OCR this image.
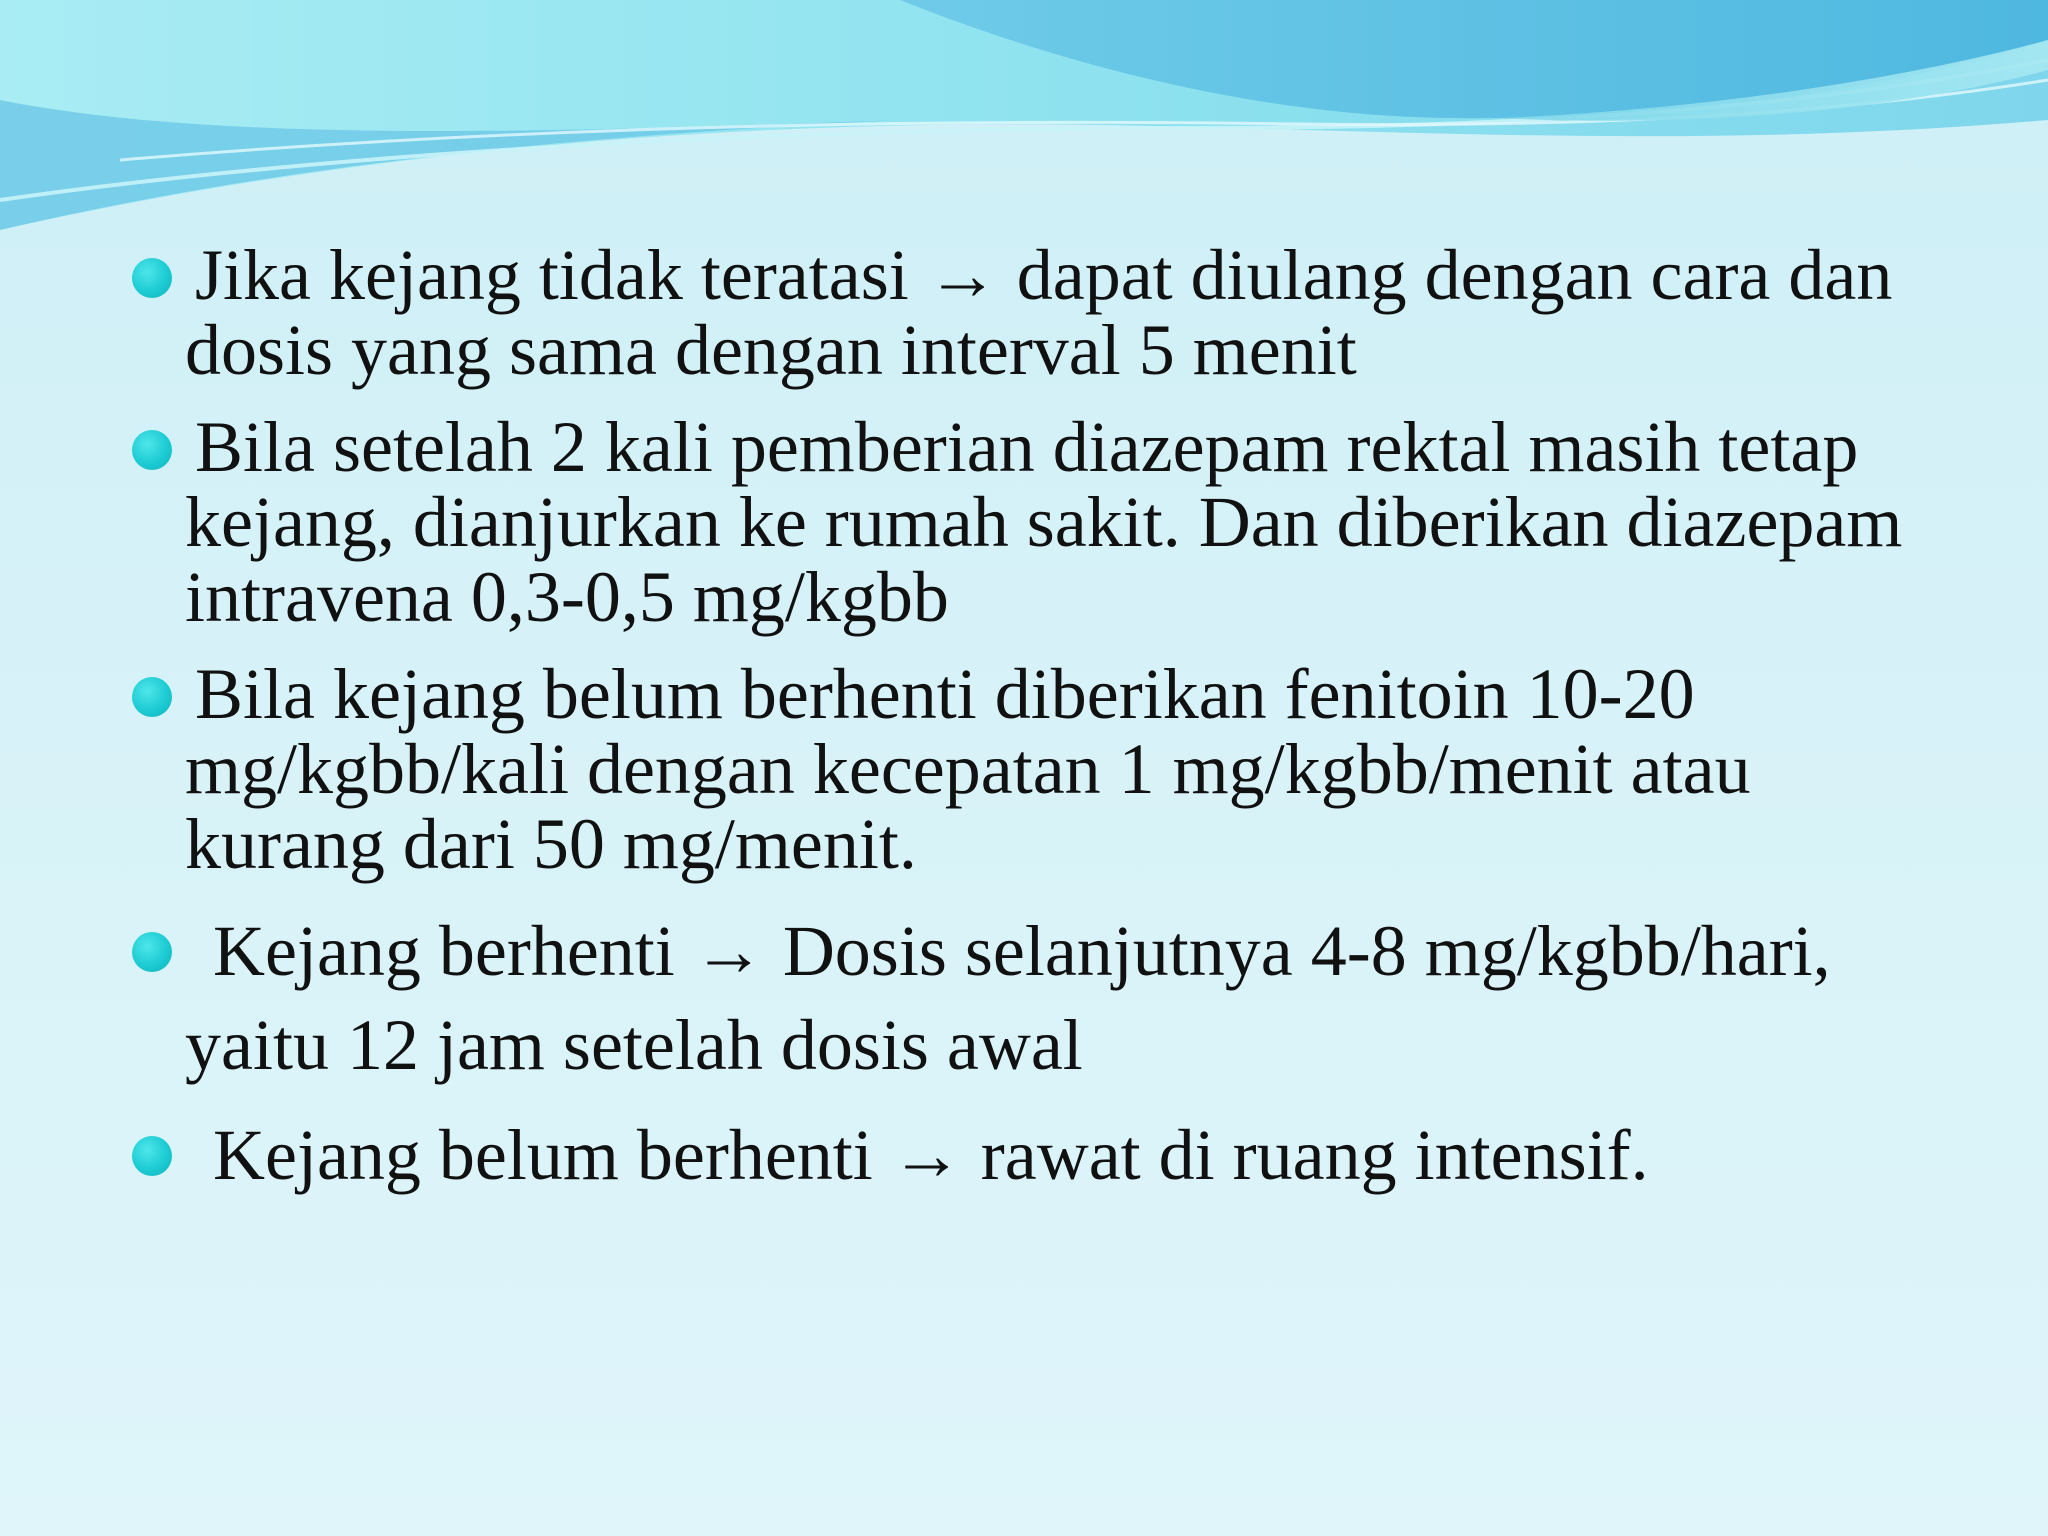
Jika kejang tidak teratasi → dapat diulang dengan cara dan dosis yang sama dengan interval 5 menit
Bila setelah 2 kali pemberian diazepam rektal masih tetap kejang, dianjurkan ke rumah sakit. Dan diberikan diazepam intravena 0,3-0,5 mg/kgbb
Bila kejang belum berhenti diberikan fenitoin 10-20 mg/kgbb/kali dengan kecepatan 1 mg/kgbb/menit atau kurang dari 50 mg/menit.
Kejang berhenti → Dosis selanjutnya 4-8 mg/kgbb/hari, yaitu 12 jam setelah dosis awal
Kejang belum berhenti → rawat di ruang intensif.
